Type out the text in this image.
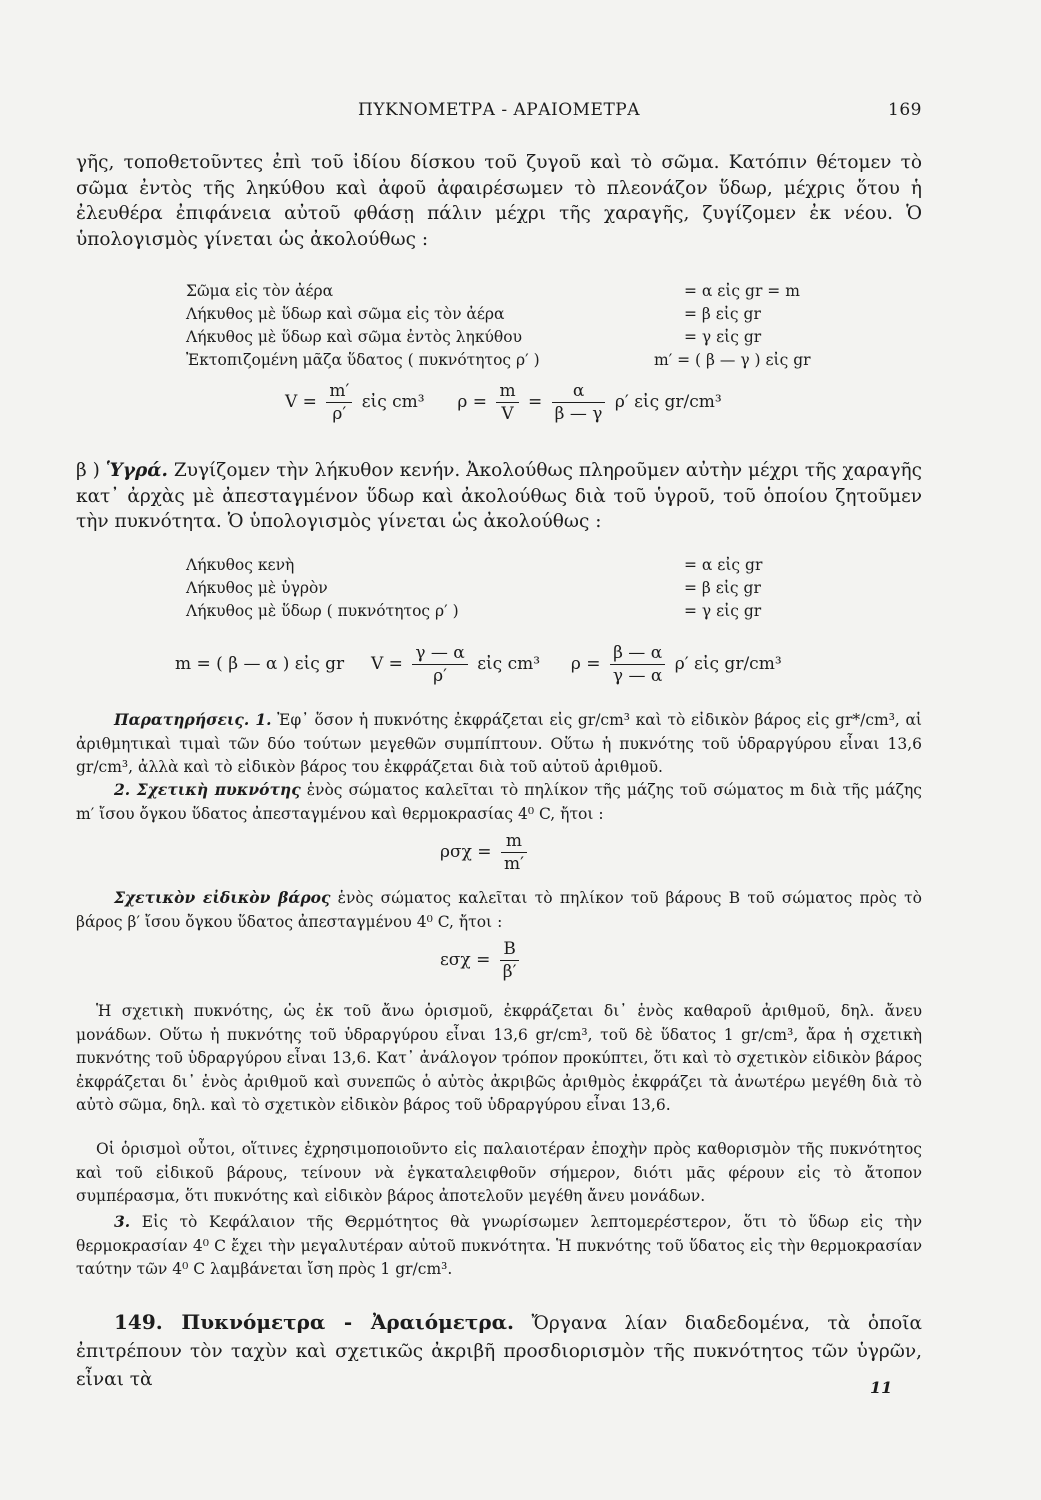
ΠΥΚΝΟΜΕΤΡΑ - ΑΡΑΙΟΜΕΤΡΑ	169
γῆς, τοποθετοῦντες ἐπὶ τοῦ ἰδίου δίσκου τοῦ ζυγοῦ καὶ τὸ σῶμα. Κατόπιν θέτομεν τὸ σῶμα ἐντὸς τῆς ληκύθου καὶ ἀφοῦ ἀφαιρέσωμεν τὸ πλεονάζον ὕδωρ, μέχρις ὅτου ἡ ἐλευθέρα ἐπιφάνεια αὐτοῦ φθάσῃ πάλιν μέχρι τῆς χαραγῆς, ζυγίζομεν ἐκ νέου. Ὁ ὑπολογισμὸς γίνεται ὡς ἀκολούθως :
Σῶμα εἰς τὸν ἀέρα	= α εἰς gr = m
Λήκυθος μὲ ὕδωρ καὶ σῶμα εἰς τὸν ἀέρα	= β εἰς gr
Λήκυθος μὲ ὕδωρ καὶ σῶμα ἐντὸς ληκύθου	= γ εἰς gr
Ἐκτοπιζομένη μᾶζα ὕδατος ( πυκνότητος ρ′ )	m′ = ( β — γ ) εἰς gr
$V = \frac{m'}{\rho'}$ εἰς cm³ $\rho = \frac{m}{V} = \frac{\alpha}{\beta — \gamma} \rho'$ εἰς gr/cm³
β ) Ὑγρά. Ζυγίζομεν τὴν λήκυθον κενήν. Ἀκολούθως πληροῦμεν αὐτὴν μέχρι τῆς χαραγῆς κατ᾽ ἀρχὰς μὲ ἀπεσταγμένον ὕδωρ καὶ ἀκολούθως διὰ τοῦ ὑγροῦ, τοῦ ὁποίου ζητοῦμεν τὴν πυκνότητα. Ὁ ὑπολογισμὸς γίνεται ὡς ἀκολούθως :
Λήκυθος κενὴ	= α εἰς gr
Λήκυθος μὲ ὑγρὸν	= β εἰς gr
Λήκυθος μὲ ὕδωρ ( πυκνότητος ρ′ )	= γ εἰς gr
m = ( β — α ) εἰς gr $V = \frac{\gamma — \alpha}{\rho'}$ εἰς cm³ $\rho = \frac{\beta — \alpha}{\gamma — \alpha} \rho'$ εἰς gr/cm³
Παρατηρήσεις. 1. Ἐφ᾽ ὅσον ἡ πυκνότης ἐκφράζεται εἰς gr/cm³ καὶ τὸ εἰδικὸν βάρος εἰς gr*/cm³, αἱ ἀριθμητικαὶ τιμαὶ τῶν δύο τούτων μεγεθῶν συμπίπτουν. Οὕτω ἡ πυκνότης τοῦ ὑδραργύρου εἶναι 13,6 gr/cm³, ἀλλὰ καὶ τὸ εἰδικὸν βάρος του ἐκφράζεται διὰ τοῦ αὐτοῦ ἀριθμοῦ.
2. Σχετικὴ πυκνότης ἑνὸς σώματος καλεῖται τὸ πηλίκον τῆς μάζης τοῦ σώματος m διὰ τῆς μάζης m′ ἴσου ὄγκου ὕδατος ἀπεσταγμένου καὶ θερμοκρασίας 4⁰ C, ἤτοι :
$\rho\sigma\chi = \frac{m}{m'}$
Σχετικὸν εἰδικὸν βάρος ἑνὸς σώματος καλεῖται τὸ πηλίκον τοῦ βάρους B τοῦ σώματος πρὸς τὸ βάρος β′ ἴσου ὄγκου ὕδατος ἀπεσταγμένου 4⁰ C, ἤτοι :
$\varepsilon\sigma\chi = \frac{B}{\beta'}$
Ἡ σχετικὴ πυκνότης, ὡς ἐκ τοῦ ἄνω ὁρισμοῦ, ἐκφράζεται δι᾽ ἑνὸς καθαροῦ ἀριθμοῦ, δηλ. ἄνευ μονάδων. Οὕτω ἡ πυκνότης τοῦ ὑδραργύρου εἶναι 13,6 gr/cm³, τοῦ δὲ ὕδατος 1 gr/cm³, ἄρα ἡ σχετικὴ πυκνότης τοῦ ὑδραργύρου εἶναι 13,6. Κατ᾽ ἀνάλογον τρόπον προκύπτει, ὅτι καὶ τὸ σχετικὸν εἰδικὸν βάρος ἐκφράζεται δι᾽ ἑνὸς ἀριθμοῦ καὶ συνεπῶς ὁ αὐτὸς ἀκριβῶς ἀριθμὸς ἐκφράζει τὰ ἀνωτέρω μεγέθη διὰ τὸ αὐτὸ σῶμα, δηλ. καὶ τὸ σχετικὸν εἰδικὸν βάρος τοῦ ὑδραργύρου εἶναι 13,6.
Οἱ ὁρισμοὶ οὗτοι, οἵτινες ἐχρησιμοποιοῦντο εἰς παλαιοτέραν ἐποχὴν πρὸς καθορισμὸν τῆς πυκνότητος καὶ τοῦ εἰδικοῦ βάρους, τείνουν νὰ ἐγκαταλειφθοῦν σήμερον, διότι μᾶς φέρουν εἰς τὸ ἄτοπον συμπέρασμα, ὅτι πυκνότης καὶ εἰδικὸν βάρος ἀποτελοῦν μεγέθη ἄνευ μονάδων.
3. Εἰς τὸ Κεφάλαιον τῆς Θερμότητος θὰ γνωρίσωμεν λεπτομερέστερον, ὅτι τὸ ὕδωρ εἰς τὴν θερμοκρασίαν 4⁰ C ἔχει τὴν μεγαλυτέραν αὐτοῦ πυκνότητα. Ἡ πυκνότης τοῦ ὕδατος εἰς τὴν θερμοκρασίαν ταύτην τῶν 4⁰ C λαμβάνεται ἴση πρὸς 1 gr/cm³.
149. Πυκνόμετρα - Ἀραιόμετρα. Ὄργανα λίαν διαδεδομένα, τὰ ὁποῖα ἐπιτρέπουν τὸν ταχὺν καὶ σχετικῶς ἀκριβῆ προσδιορισμὸν τῆς πυκνότητος τῶν ὑγρῶν, εἶναι τὰ	11
